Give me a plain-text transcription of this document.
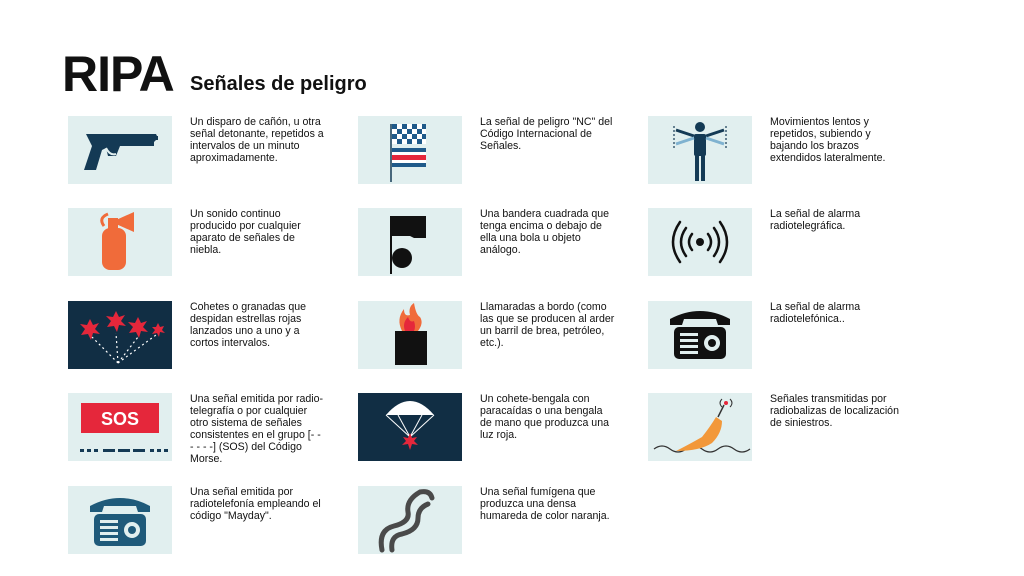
RIPA Señales de peligro
Un disparo de cañón, u otra señal detonante, repetidos a intervalos de un minuto aproximadamente.
Un sonido continuo producido por cualquier aparato de señales de niebla.
Cohetes o granadas que despidan estrellas rojas lanzados uno a uno y a cortos intervalos.
SOS
Una señal emitida por radio- telegrafía o por cualquier otro sistema de señales consistentes en el grupo [- - - - - -] (SOS) del Código Morse.
Una señal emitida por radiotelefonía empleando el código "Mayday".
La señal de peligro "NC" del Código Internacional de Señales.
Una bandera cuadrada que tenga encima o debajo de ella una bola u objeto análogo.
Llamaradas a bordo (como las que se producen al arder un barril de brea, petróleo, etc.).
Un cohete-bengala con paracaídas o una bengala de mano que produzca una luz roja.
Una señal fumígena que produzca una densa humareda de color naranja.
Movimientos lentos y repetidos, subiendo y bajando los brazos extendidos lateralmente.
La señal de alarma radiotelegráfica.
La señal de alarma radiotelefónica..
Señales transmitidas por radiobalizas de localización de siniestros.
